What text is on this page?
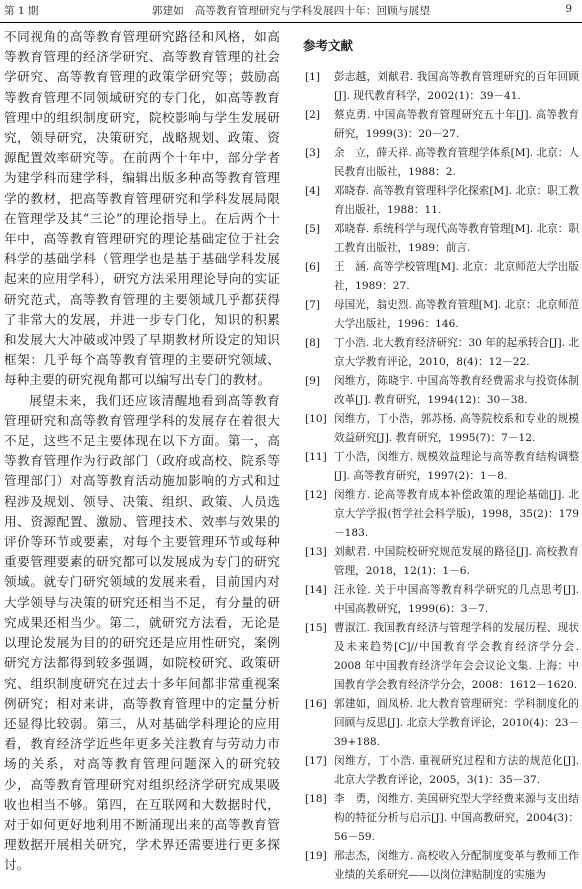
第 1 期	郭建如　高等教育管理研究与学科发展四十年：回顾与展望	9

不同视角的高等教育管理研究路径和风格，如高等教育管理的经济学研究、高等教育管理的社会学研究、高等教育管理的政策学研究等；鼓励高等教育管理不同领域研究的专门化，如高等教育管理中的组织制度研究，院校影响与学生发展研究，领导研究，决策研究，战略规划、政策、资源配置效率研究等。在前两个十年中，部分学者为建学科而建学科，编辑出版多种高等教育管理学的教材，把高等教育管理研究和学科发展局限在管理学及其“三论”的理论指导上。在后两个十年中，高等教育管理研究的理论基础定位于社会科学的基础学科（管理学也是基于基础学科发展起来的应用学科），研究方法采用理论导向的实证研究范式，高等教育管理的主要领域几乎都获得了非常大的发展，并进一步专门化，知识的积累和发展大大冲破或冲毁了早期教材所设定的知识框架：几乎每个高等教育管理的主要研究领域、每种主要的研究视角都可以编写出专门的教材。

展望未来，我们还应该清醒地看到高等教育管理研究和高等教育管理学科的发展存在着很大不足，这些不足主要体现在以下方面。第一，高等教育管理作为行政部门（政府或高校、院系等管理部门）对高等教育活动施加影响的方式和过程涉及规划、领导、决策、组织、政策、人员选用、资源配置、激励、管理技术、效率与效果的评价等环节或要素，对每个主要管理环节或每种重要管理要素的研究都可以发展成为专门的研究领域。就专门研究领域的发展来看，目前国内对大学领导与决策的研究还相当不足，有分量的研究成果还相当少。第二，就研究方法看，无论是以理论发展为目的的研究还是应用性研究，案例研究方法都得到较多强调，如院校研究、政策研究、组织制度研究在过去十多年间都非常重视案例研究；相对来讲，高等教育管理中的定量分析还显得比较弱。第三，从对基础学科理论的应用看，教育经济学近些年更多关注教育与劳动力市场的关系，对高等教育管理问题深入的研究较少，高等教育管理研究对组织经济学研究成果吸收也相当不够。第四，在互联网和大数据时代，对于如何更好地利用不断涌现出来的高等教育管理数据开展相关研究，学术界还需要进行更多探讨。

参考文献
[1] 彭志越，刘献君. 我国高等教育管理研究的百年回顾[J]. 现代教育科学，2002(1)：39－41.
[2] 蔡克勇. 中国高等教育管理研究五十年[J]. 高等教育研究，1999(3)：20－27.
[3] 余　立，薛天祥. 高等教育管理学体系[M]. 北京：人民教育出版社，1988：2.
[4] 邓晓春. 高等教育管理科学化探索[M]. 北京：职工教育出版社，1988：11.
[5] 邓晓春. 系统科学与现代高等教育管理[M]. 北京：职工教育出版社，1989：前言.
[6] 王　涵. 高等学校管理[M]. 北京：北京师范大学出版社，1989：27.
[7] 母国光，翁史烈. 高等教育管理[M]. 北京：北京师范大学出版社，1996：146.
[8] 丁小浩. 北大教育经济研究：30 年的起承转合[J]. 北京大学教育评论，2010，8(4)：12－22.
[9] 闵维方，陈晓宇. 中国高等教育经费需求与投资体制改革[J]. 教育研究，1994(12)：30－38.
[10] 闵维方，丁小浩，郭苏杨. 高等院校系和专业的规模效益研究[J]. 教育研究，1995(7)：7－12.
[11] 丁小浩，闵维方. 规模效益理论与高等教育结构调整[J]. 高等教育研究，1997(2)：1－8.
[12] 闵维方. 论高等教育成本补偿政策的理论基础[J]. 北京大学学报(哲学社会科学版)，1998，35(2)：179－183.
[13] 刘献君. 中国院校研究规范发展的路径[J]. 高校教育管理，2018，12(1)：1－6.
[14] 汪永铨. 关于中国高等教育科学研究的几点思考[J]. 中国高教研究，1999(6)：3－7.
[15] 曹淑江. 我国教育经济与管理学科的发展历程、现状及未来趋势[C]//中国教育学会教育经济学分会. 2008 年中国教育经济学年会会议论文集. 上海：中国教育学会教育经济学分会，2008：1612－1620.
[16] 郭建如，阎凤桥. 北大教育管理研究：学科制度化的回顾与反思[J]. 北京大学教育评论，2010(4)：23－39+188.
[17] 闵维方，丁小浩. 重视研究过程和方法的规范化[J]. 北京大学教育评论，2005，3(1)：35－37.
[18] 李　勇，闵维方. 美国研究型大学经费来源与支出结构的特征分析与启示[J]. 中国高教研究，2004(3)：56－59.
[19] 邢志杰，闵维方. 高校收入分配制度变革与教师工作业绩的关系研究——以岗位津贴制度的实施为
